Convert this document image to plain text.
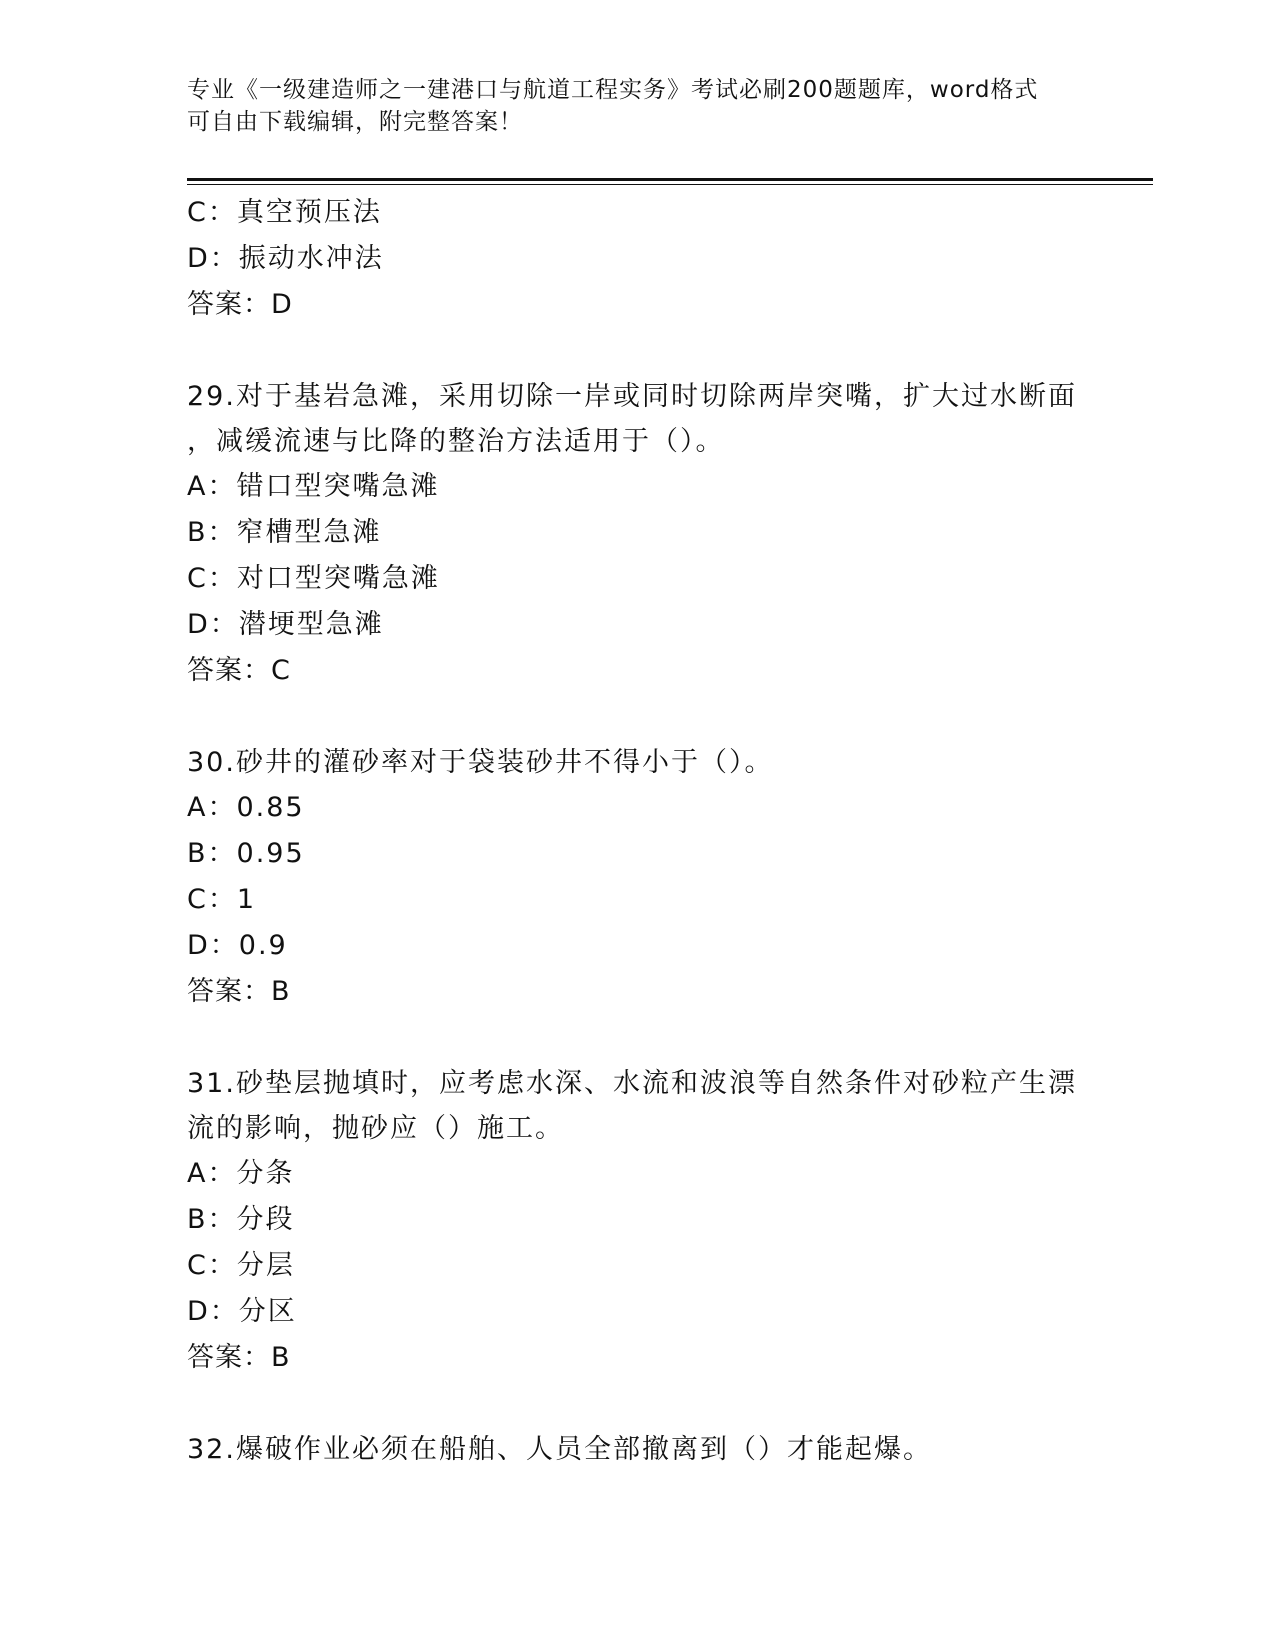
专业《一级建造师之一建港口与航道工程实务》考试必刷200题题库，word格式
可自由下载编辑，附完整答案！
C：真空预压法
D：振动水冲法
答案：D
29.对于基岩急滩，采用切除一岸或同时切除两岸突嘴，扩大过水断面
，减缓流速与比降的整治方法适用于（）。
A：错口型突嘴急滩
B：窄槽型急滩
C：对口型突嘴急滩
D：潜埂型急滩
答案：C
30.砂井的灌砂率对于袋装砂井不得小于（）。
A：0.85
B：0.95
C：1
D：0.9
答案：B
31.砂垫层抛填时，应考虑水深、水流和波浪等自然条件对砂粒产生漂
流的影响，抛砂应（）施工。
A：分条
B：分段
C：分层
D：分区
答案：B
32.爆破作业必须在船舶、人员全部撤离到（）才能起爆。
